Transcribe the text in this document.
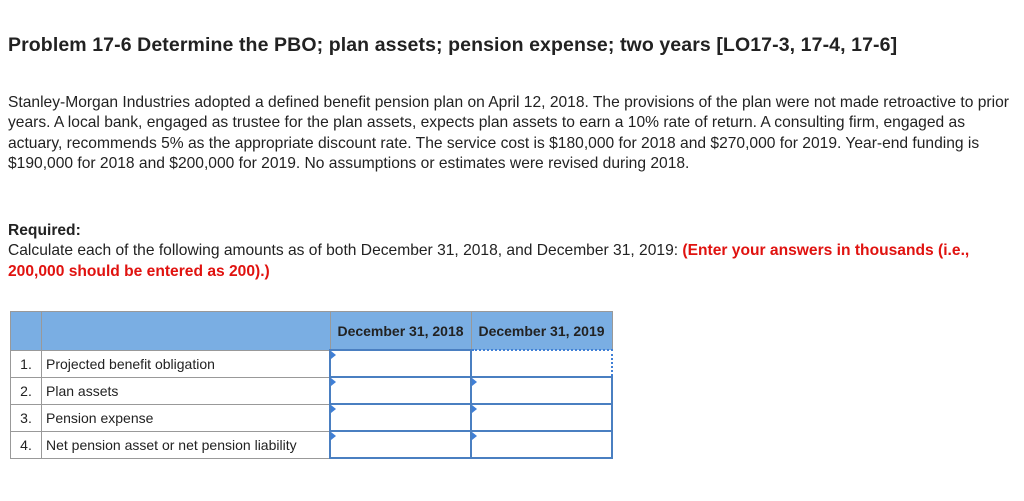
Problem 17-6 Determine the PBO; plan assets; pension expense; two years [LO17-3, 17-4, 17-6]
Stanley-Morgan Industries adopted a defined benefit pension plan on April 12, 2018. The provisions of the plan were not made retroactive to prior years. A local bank, engaged as trustee for the plan assets, expects plan assets to earn a 10% rate of return. A consulting firm, engaged as actuary, recommends 5% as the appropriate discount rate. The service cost is $180,000 for 2018 and $270,000 for 2019. Year-end funding is $190,000 for 2018 and $200,000 for 2019. No assumptions or estimates were revised during 2018.
Required:
Calculate each of the following amounts as of both December 31, 2018, and December 31, 2019: (Enter your answers in thousands (i.e., 200,000 should be entered as 200).)
		December 31, 2018	December 31, 2019
1.	Projected benefit obligation	

2.	Plan assets	

3.	Pension expense	

4.	Net pension asset or net pension liability	
